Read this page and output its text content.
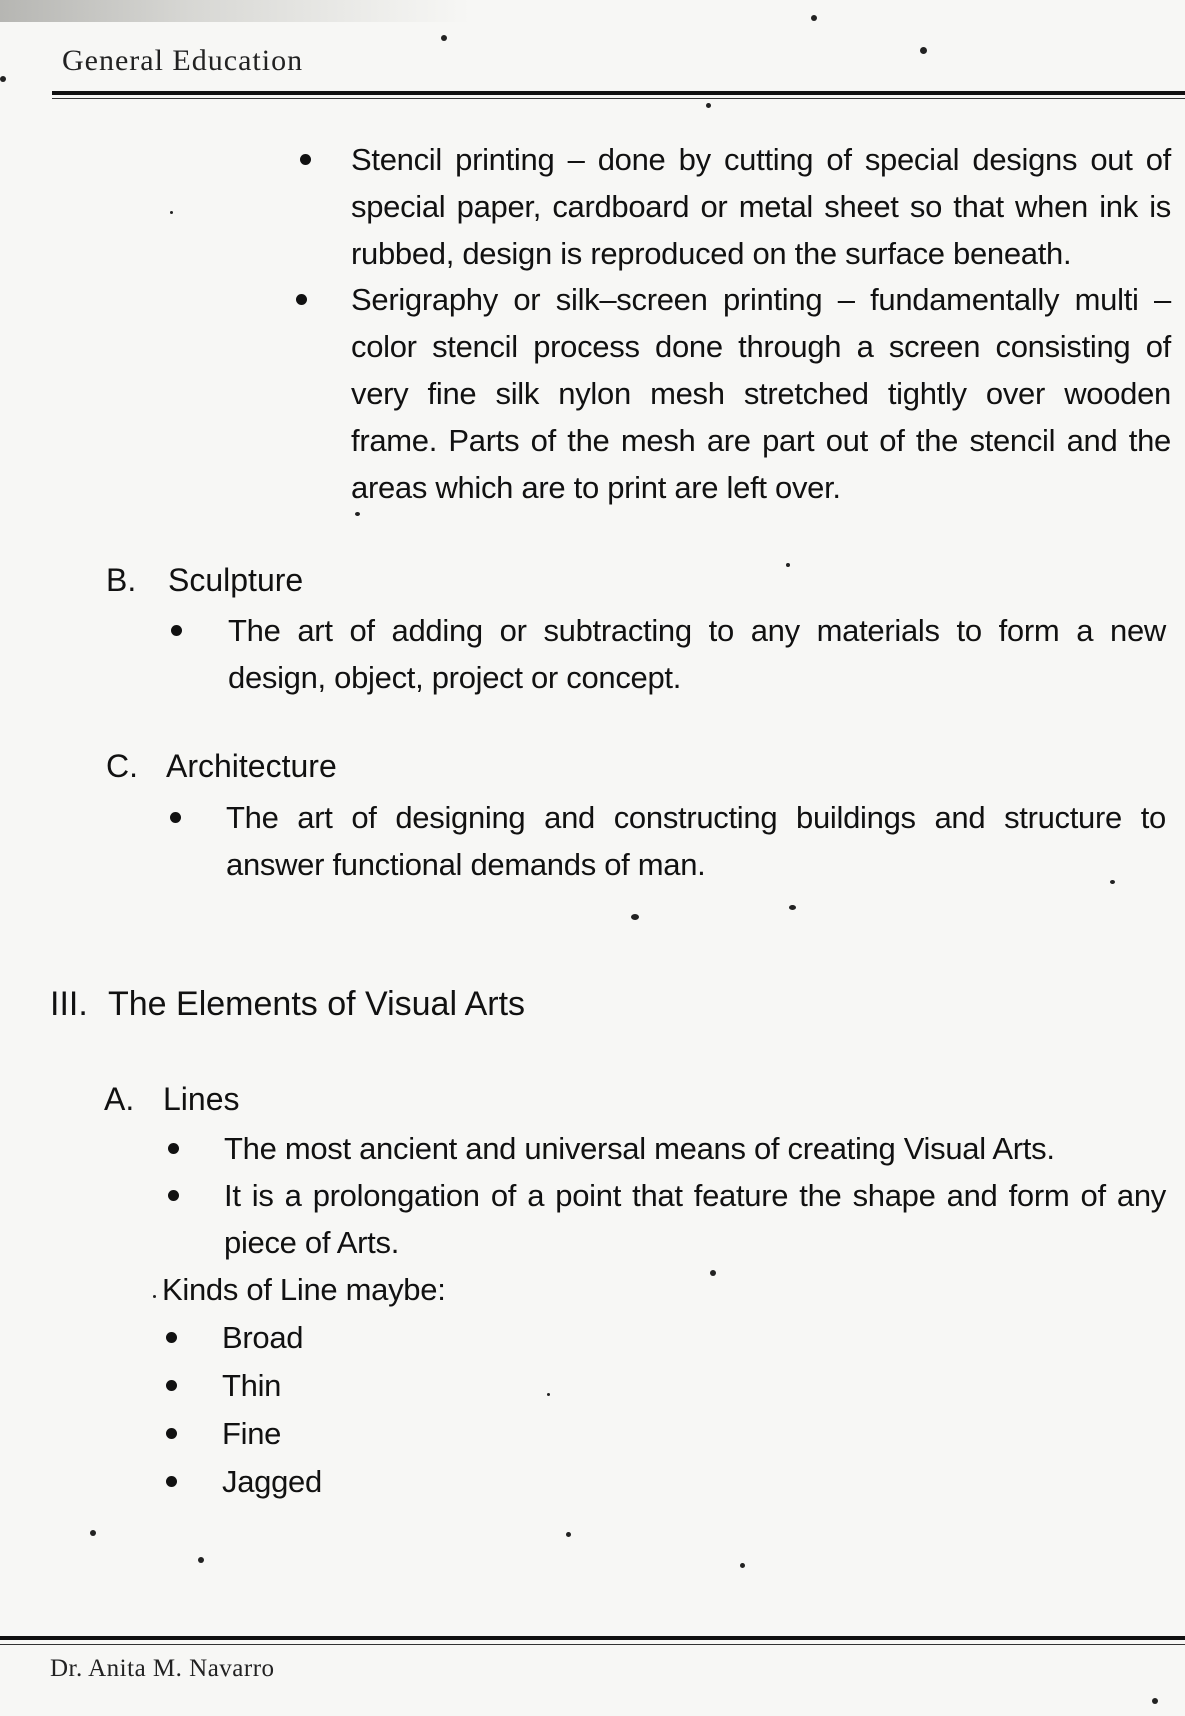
General Education
Stencil printing – done by cutting of special designs out of special paper, cardboard or metal sheet so that when ink is rubbed, design is reproduced on the surface beneath.
Serigraphy or silk–screen printing – fundamentally multi – color stencil process done through a screen consisting of very fine silk nylon mesh stretched tightly over wooden frame. Parts of the mesh are part out of the stencil and the areas which are to print are left over.
B. Sculpture
The art of adding or subtracting to any materials to form a new design, object, project or concept.
C. Architecture
The art of designing and constructing buildings and structure to answer functional demands of man.
III. The Elements of Visual Arts
A. Lines
The most ancient and universal means of creating Visual Arts.
It is a prolongation of a point that feature the shape and form of any piece of Arts.
Kinds of Line maybe:
Broad
Thin
Fine
Jagged
Dr. Anita M. Navarro
